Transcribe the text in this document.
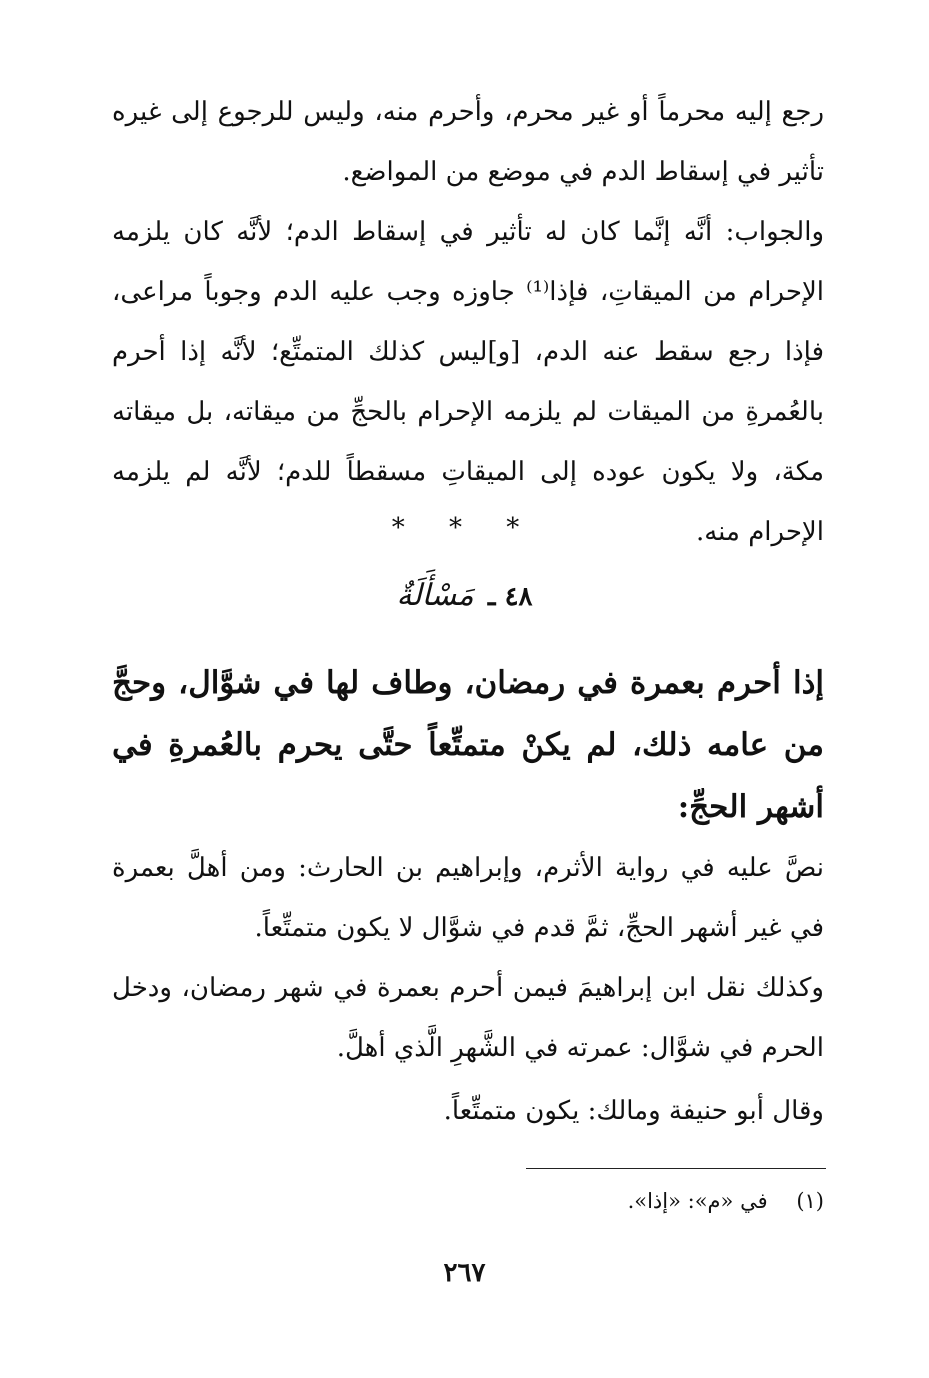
رجع إليه محرماً أو غير محرم، وأحرم منه، وليس للرجوع إلى غيره تأثير في إسقاط الدم في موضع من المواضع.

والجواب: أنَّه إنَّما كان له تأثير في إسقاط الدم؛ لأنَّه كان يلزمه الإحرام من الميقاتِ، فإذا⁽¹⁾ جاوزه وجب عليه الدم وجوباً مراعى، فإذا رجع سقط عنه الدم، [و]ليس كذلك المتمتِّع؛ لأنَّه إذا أحرم بالعُمرةِ من الميقات لم يلزمه الإحرام بالحجِّ من ميقاته، بل ميقاته مكة، ولا يكون عوده إلى الميقاتِ مسقطاً للدم؛ لأنَّه لم يلزمه الإحرام منه.

* * *
٤٨ ـ مَسْأَلَةٌ

إذا أحرم بعمرة في رمضان، وطاف لها في شوَّال، وحجَّ من عامه ذلك، لم يكنْ متمتِّعاً حتَّى يحرم بالعُمرةِ في أشهر الحجِّ:

نصَّ عليه في رواية الأثرم، وإبراهيم بن الحارث: ومن أهلَّ بعمرة في غير أشهر الحجِّ، ثمَّ قدم في شوَّال لا يكون متمتِّعاً.

وكذلك نقل ابن إبراهيمَ فيمن أحرم بعمرة في شهر رمضان، ودخل الحرم في شوَّال: عمرته في الشَّهرِ الَّذي أهلَّ.

وقال أبو حنيفة ومالك: يكون متمتِّعاً.

(١) في «م»: «إذا».
٢٦٧
